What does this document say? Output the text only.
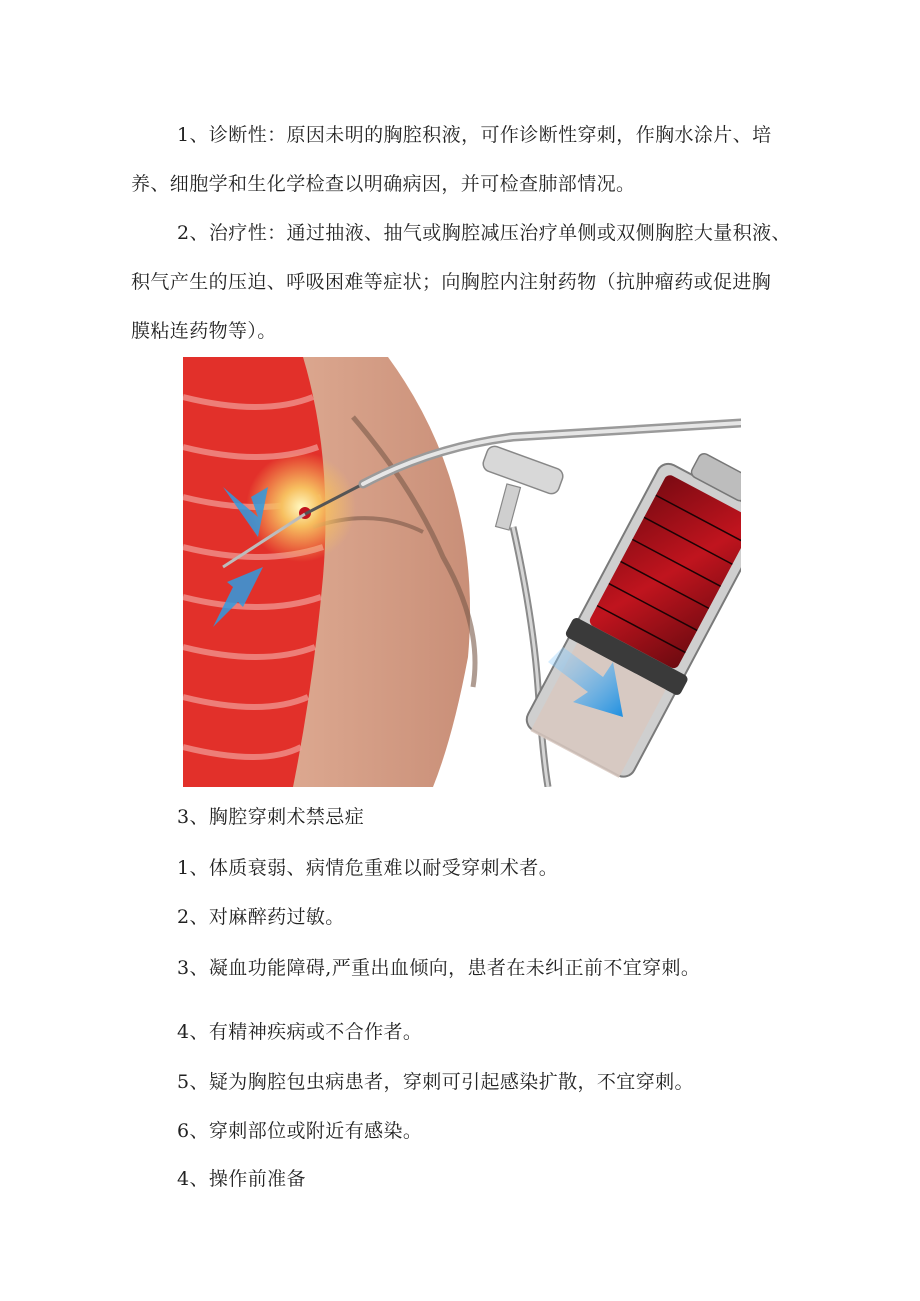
1、诊断性：原因未明的胸腔积液，可作诊断性穿刺，作胸水涂片、培
养、细胞学和生化学检查以明确病因，并可检查肺部情况。
2、治疗性：通过抽液、抽气或胸腔减压治疗单侧或双侧胸腔大量积液、
积气产生的压迫、呼吸困难等症状；向胸腔内注射药物（抗肿瘤药或促进胸
膜粘连药物等）。
3、胸腔穿刺术禁忌症
1、体质衰弱、病情危重难以耐受穿刺术者。
2、对麻醉药过敏。
3、凝血功能障碍,严重出血倾向，患者在未纠正前不宜穿刺。
4、有精神疾病或不合作者。
5、疑为胸腔包虫病患者，穿刺可引起感染扩散，不宜穿刺。
6、穿刺部位或附近有感染。
4、操作前准备
